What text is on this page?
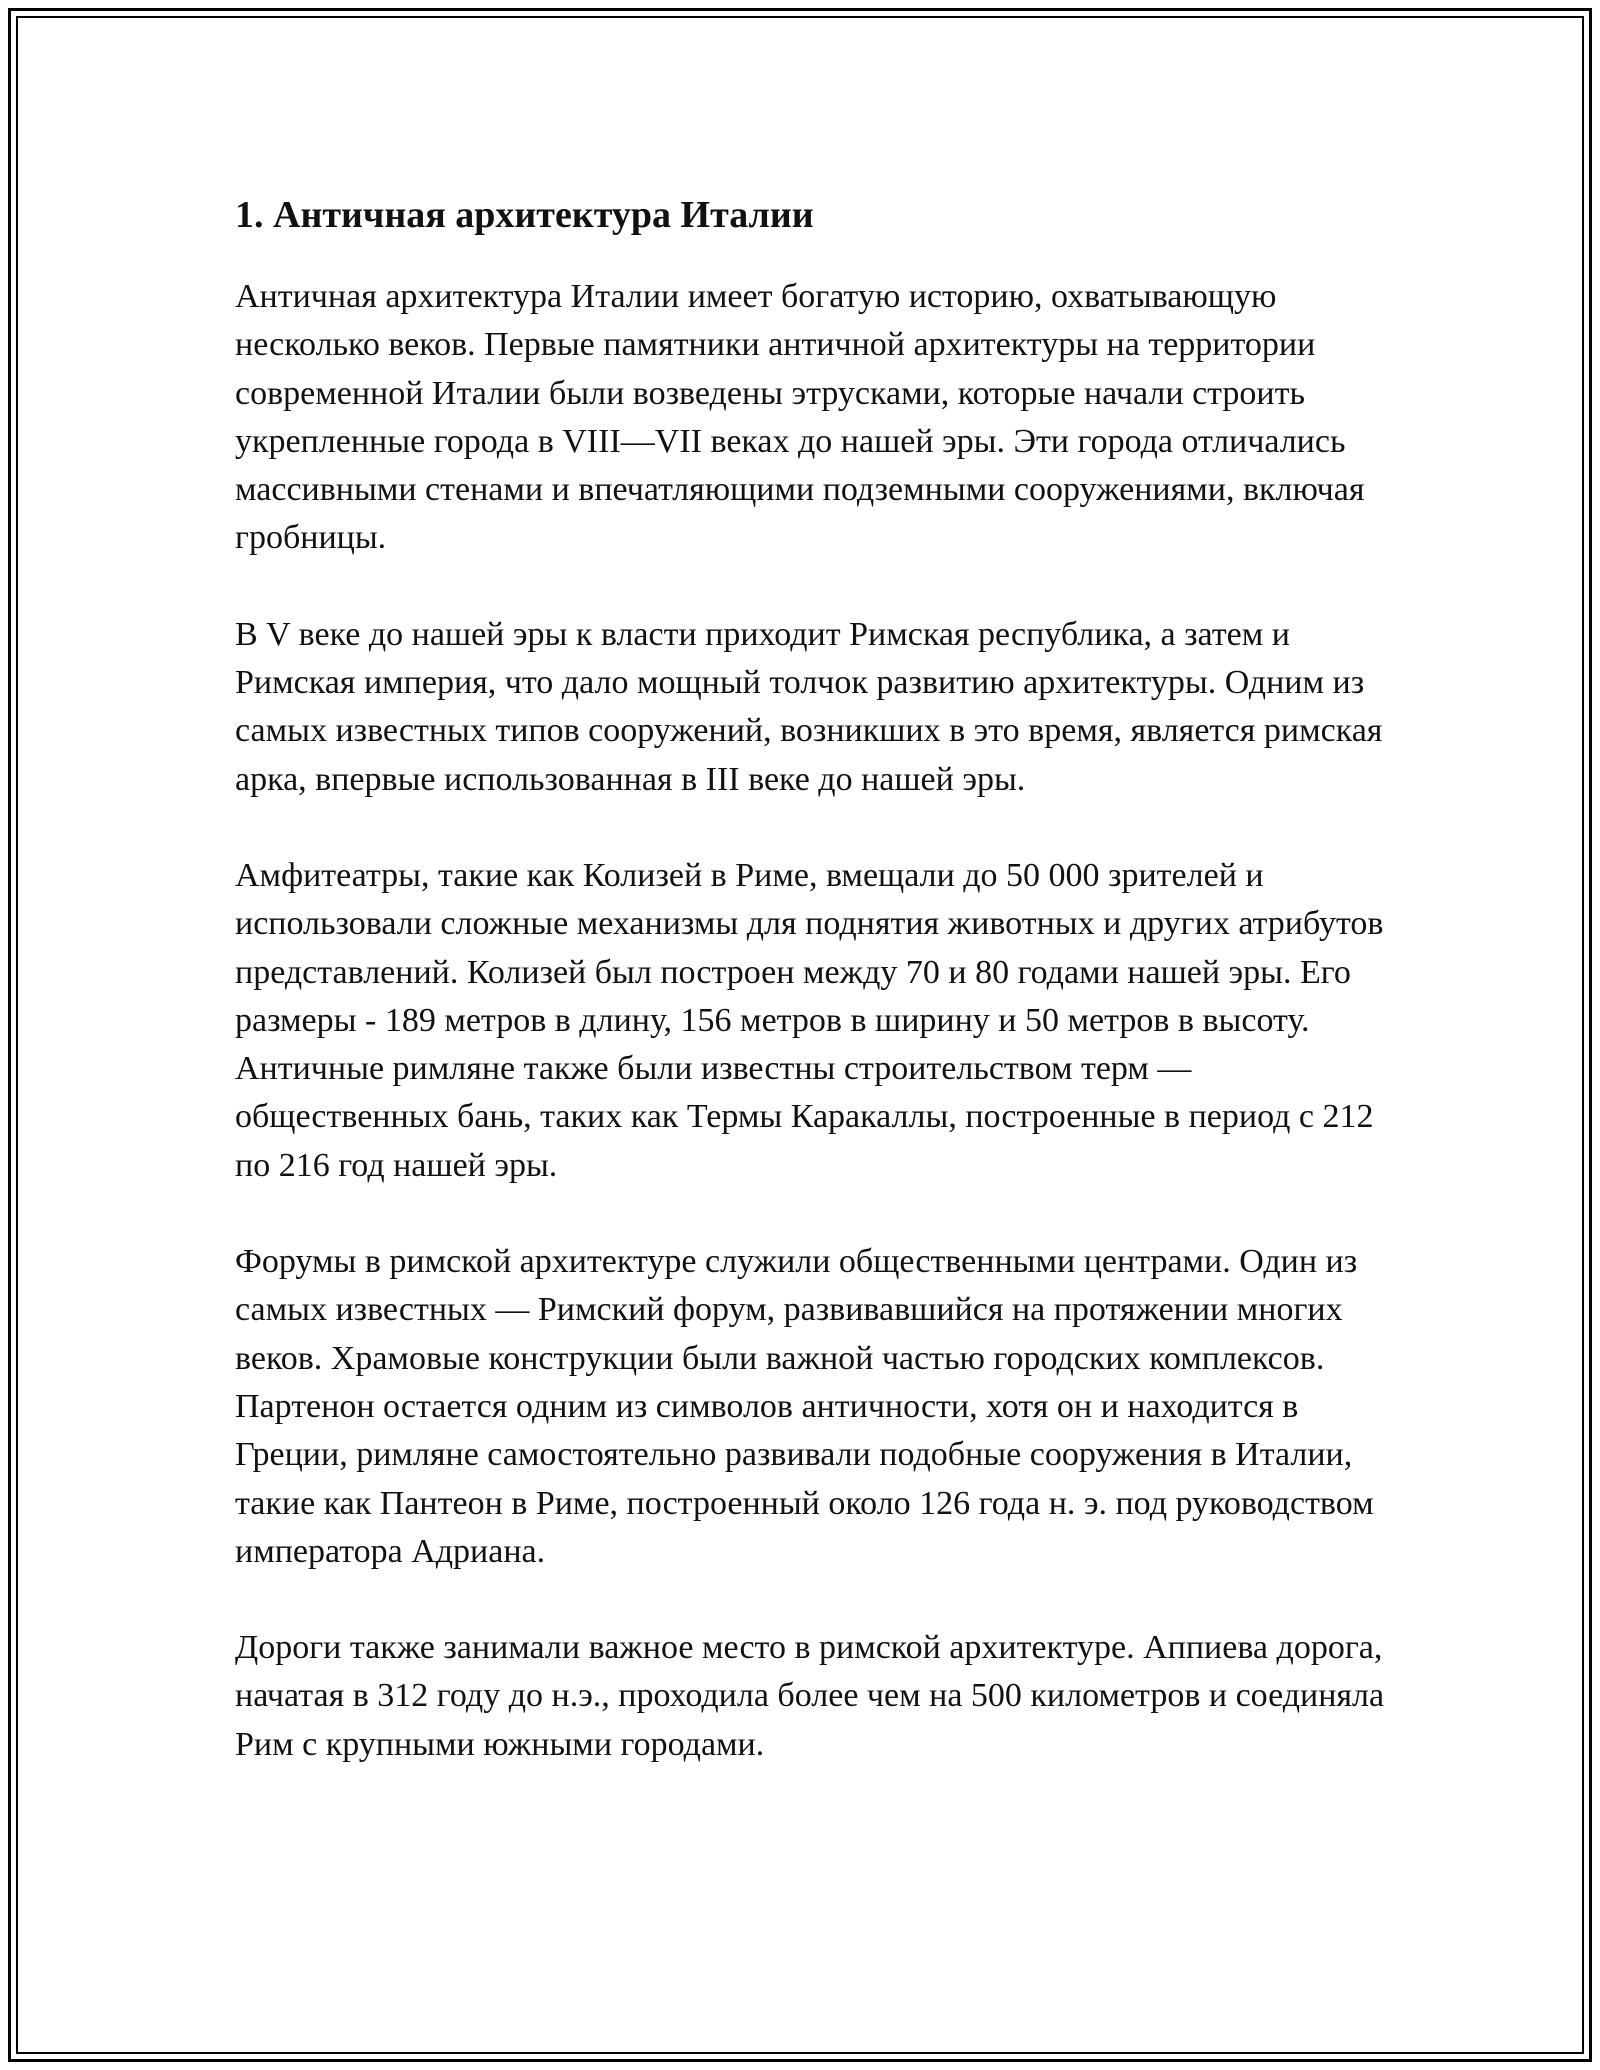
1. Античная архитектура Италии

Античная архитектура Италии имеет богатую историю, охватывающую несколько веков. Первые памятники античной архитектуры на территории современной Италии были возведены этрусками, которые начали строить укрепленные города в VIII—VII веках до нашей эры. Эти города отличались массивными стенами и впечатляющими подземными сооружениями, включая гробницы.

В V веке до нашей эры к власти приходит Римская республика, а затем и Римская империя, что дало мощный толчок развитию архитектуры. Одним из самых известных типов сооружений, возникших в это время, является римская арка, впервые использованная в III веке до нашей эры.

Амфитеатры, такие как Колизей в Риме, вмещали до 50 000 зрителей и использовали сложные механизмы для поднятия животных и других атрибутов представлений. Колизей был построен между 70 и 80 годами нашей эры. Его размеры - 189 метров в длину, 156 метров в ширину и 50 метров в высоту. Античные римляне также были известны строительством терм — общественных бань, таких как Термы Каракаллы, построенные в период с 212 по 216 год нашей эры.

Форумы в римской архитектуре служили общественными центрами. Один из самых известных — Римский форум, развивавшийся на протяжении многих веков. Храмовые конструкции были важной частью городских комплексов. Партенон остается одним из символов античности, хотя он и находится в Греции, римляне самостоятельно развивали подобные сооружения в Италии, такие как Пантеон в Риме, построенный около 126 года н. э. под руководством императора Адриана.

Дороги также занимали важное место в римской архитектуре. Аппиева дорога, начатая в 312 году до н.э., проходила более чем на 500 километров и соединяла Рим с крупными южными городами.
